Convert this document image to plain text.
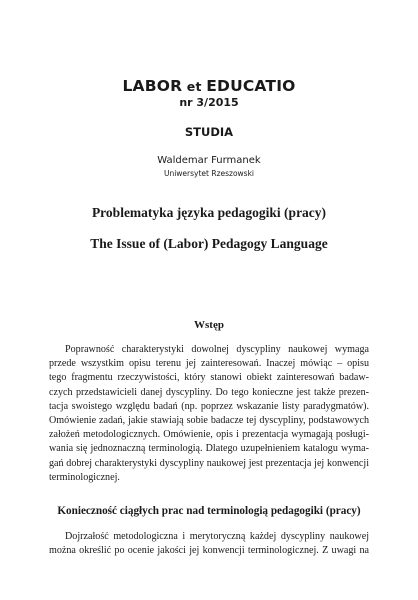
LABOR et EDUCATIO
nr 3/2015
STUDIA
Waldemar Furmanek
Uniwersytet Rzeszowski
Problematyka języka pedagogiki (pracy)
The Issue of (Labor) Pedagogy Language
Wstęp
Poprawność charakterystyki dowolnej dyscypliny naukowej wymaga
przede wszystkim opisu terenu jej zainteresowań. Inaczej mówiąc – opisu
tego fragmentu rzeczywistości, który stanowi obiekt zainteresowań badaw-
czych przedstawicieli danej dyscypliny. Do tego konieczne jest także prezen-
tacja swoistego względu badań (np. poprzez wskazanie listy paradygmatów).
Omówienie zadań, jakie stawiają sobie badacze tej dyscypliny, podstawowych
założeń metodologicznych. Omówienie, opis i prezentacja wymagają posługi-
wania się jednoznaczną terminologią. Dlatego uzupełnieniem katalogu wyma-
gań dobrej charakterystyki dyscypliny naukowej jest prezentacja jej konwencji
terminologicznej.
Konieczność ciągłych prac nad terminologią pedagogiki (pracy)
Dojrzałość metodologiczna i merytoryczną każdej dyscypliny naukowej
można określić po ocenie jakości jej konwencji terminologicznej. Z uwagi na
